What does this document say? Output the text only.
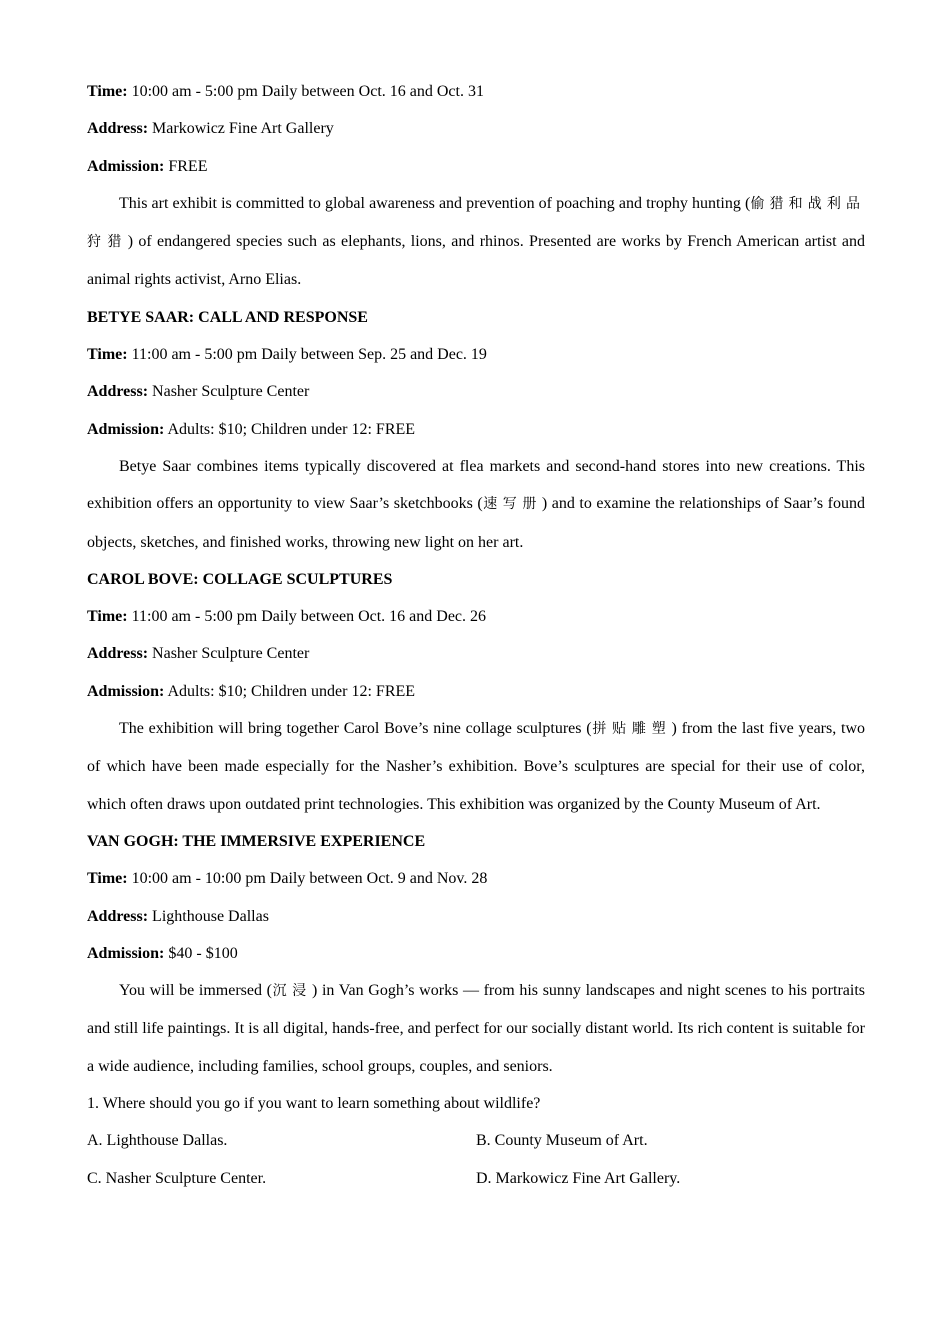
Time: 10:00 am - 5:00 pm Daily between Oct. 16 and Oct. 31

Address: Markowicz Fine Art Gallery

Admission: FREE

This art exhibit is committed to global awareness and prevention of poaching and trophy hunting (偷猎和战利品狩猎) of endangered species such as elephants, lions, and rhinos. Presented are works by French American artist and animal rights activist, Arno Elias.

BETYE SAAR: CALL AND RESPONSE

Time: 11:00 am - 5:00 pm Daily between Sep. 25 and Dec. 19

Address: Nasher Sculpture Center

Admission: Adults: $10; Children under 12: FREE

Betye Saar combines items typically discovered at flea markets and second-hand stores into new creations. This exhibition offers an opportunity to view Saar’s sketchbooks (速写册) and to examine the relationships of Saar’s found objects, sketches, and finished works, throwing new light on her art.

CAROL BOVE: COLLAGE SCULPTURES

Time: 11:00 am - 5:00 pm Daily between Oct. 16 and Dec. 26

Address: Nasher Sculpture Center

Admission: Adults: $10; Children under 12: FREE

The exhibition will bring together Carol Bove’s nine collage sculptures (拼贴雕塑) from the last five years, two of which have been made especially for the Nasher’s exhibition. Bove’s sculptures are special for their use of color, which often draws upon outdated print technologies. This exhibition was organized by the County Museum of Art.

VAN GOGH: THE IMMERSIVE EXPERIENCE

Time: 10:00 am - 10:00 pm Daily between Oct. 9 and Nov. 28

Address: Lighthouse Dallas

Admission: $40 - $100

You will be immersed (沉浸) in Van Gogh’s works — from his sunny landscapes and night scenes to his portraits and still life paintings. It is all digital, hands-free, and perfect for our socially distant world. Its rich content is suitable for a wide audience, including families, school groups, couples, and seniors.

1. Where should you go if you want to learn something about wildlife?

A. Lighthouse Dallas.	B. County Museum of Art.
C. Nasher Sculpture Center.	D. Markowicz Fine Art Gallery.
